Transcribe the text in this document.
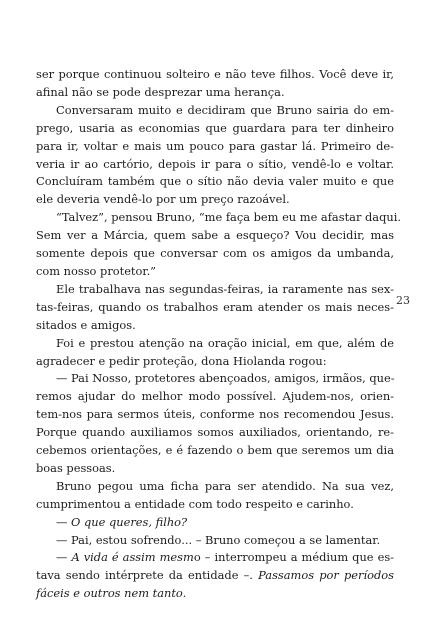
ser porque continuou solteiro e não teve filhos. Você deve ir,
afinal não se pode desprezar uma herança.
Conversaram muito e decidiram que Bruno sairia do em-
prego, usaria as economias que guardara para ter dinheiro
para ir, voltar e mais um pouco para gastar lá. Primeiro de-
veria ir ao cartório, depois ir para o sítio, vendê-lo e voltar.
Concluíram também que o sítio não devia valer muito e que
ele deveria vendê-lo por um preço razoável.
“Talvez”, pensou Bruno, “me faça bem eu me afastar daqui.
Sem ver a Márcia, quem sabe a esqueço? Vou decidir, mas
somente depois que conversar com os amigos da umbanda,
com nosso protetor.”
Ele trabalhava nas segundas-feiras, ia raramente nas sex-
tas-feiras, quando os trabalhos eram atender os mais neces-
sitados e amigos.
Foi e prestou atenção na oração inicial, em que, além de
agradecer e pedir proteção, dona Hiolanda rogou:
— Pai Nosso, protetores abençoados, amigos, irmãos, que-
remos ajudar do melhor modo possível. Ajudem-nos, orien-
tem-nos para sermos úteis, conforme nos recomendou Jesus.
Porque quando auxiliamos somos auxiliados, orientando, re-
cebemos orientações, e é fazendo o bem que seremos um dia
boas pessoas.
Bruno pegou uma ficha para ser atendido. Na sua vez,
cumprimentou a entidade com todo respeito e carinho.
— O que queres, filho?
— Pai, estou sofrendo... – Bruno começou a se lamentar.
— A vida é assim mesmo – interrompeu a médium que es-
tava sendo intérprete da entidade –. Passamos por períodos
fáceis e outros nem tanto.
23
